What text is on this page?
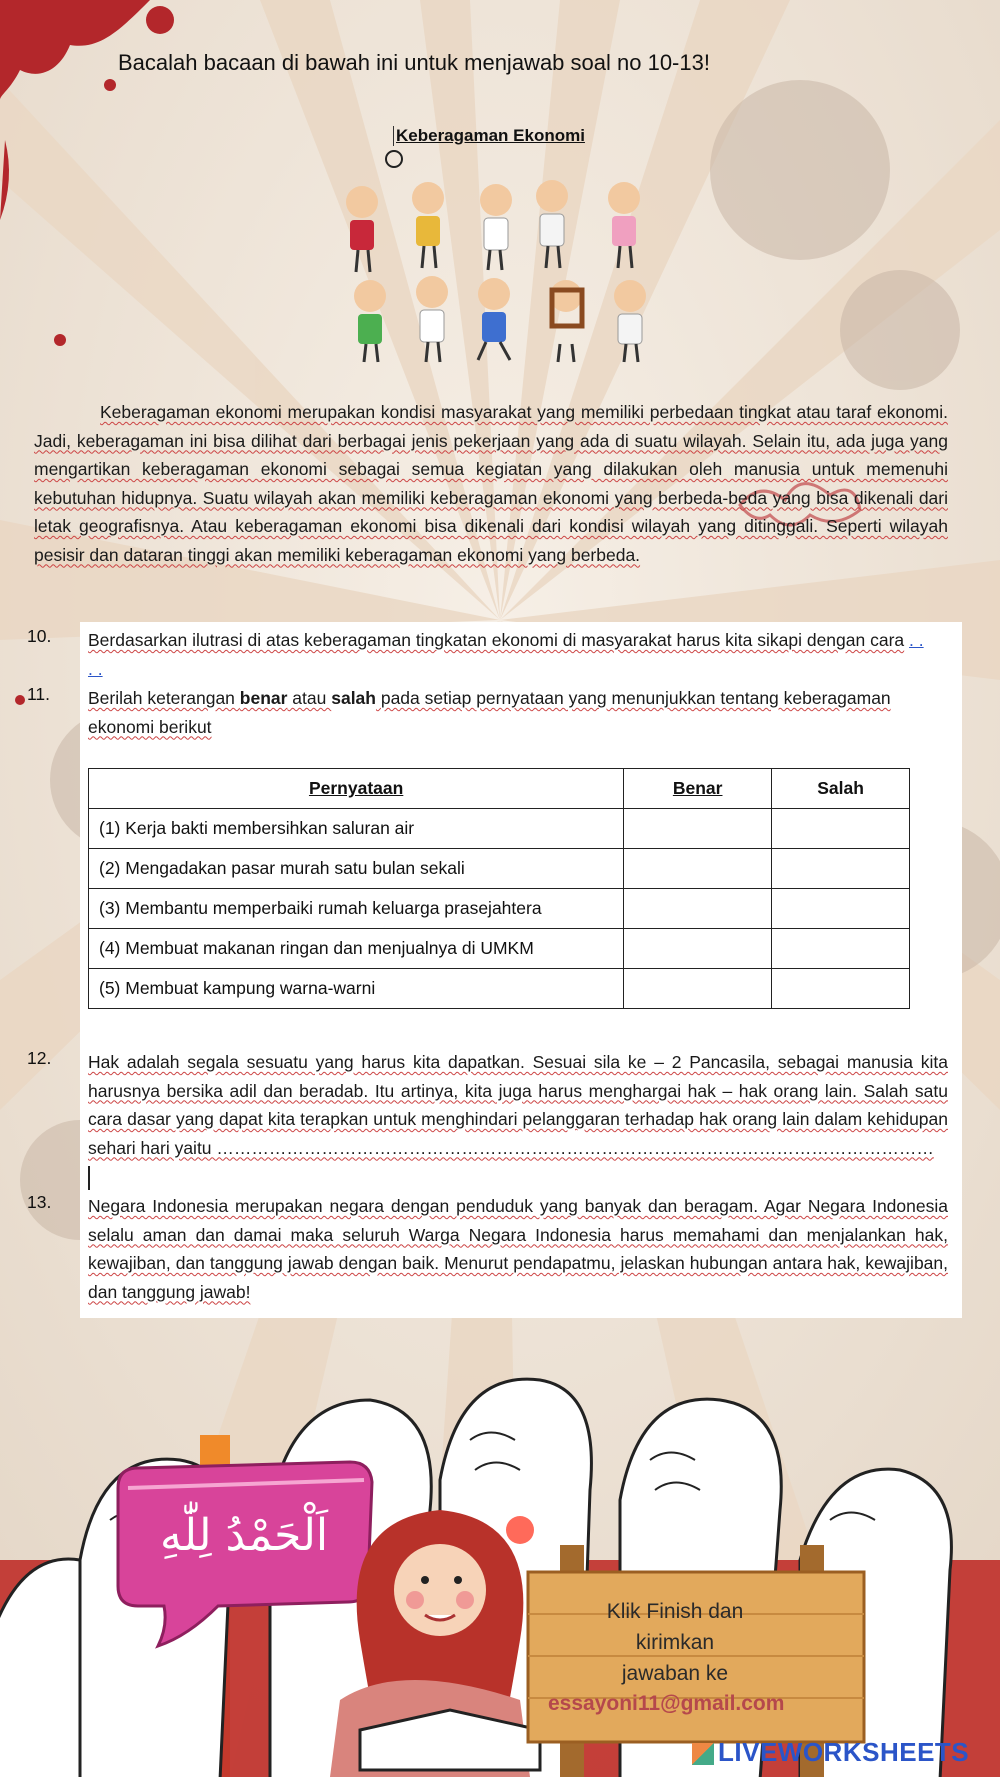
Bacalah bacaan di bawah ini untuk menjawab soal no 10-13!
Keberagaman Ekonomi
Keberagaman ekonomi merupakan kondisi masyarakat yang memiliki perbedaan tingkat atau taraf ekonomi. Jadi, keberagaman ini bisa dilihat dari berbagai jenis pekerjaan yang ada di suatu wilayah. Selain itu, ada juga yang mengartikan keberagaman ekonomi sebagai semua kegiatan yang dilakukan oleh manusia untuk memenuhi kebutuhan hidupnya. Suatu wilayah akan memiliki keberagaman ekonomi yang berbeda-beda yang bisa dikenali dari letak geografisnya. Atau keberagaman ekonomi bisa dikenali dari kondisi wilayah yang ditinggali. Seperti wilayah pesisir dan dataran tinggi akan memiliki keberagaman ekonomi yang berbeda.
10. Berdasarkan ilutrasi di atas keberagaman tingkatan ekonomi di masyarakat harus kita sikapi dengan cara . . . .
11. Berilah keterangan benar atau salah pada setiap pernyataan yang menunjukkan tentang keberagaman ekonomi berikut
Pernyataan	Benar	Salah
(1) Kerja bakti membersihkan saluran air		
(2) Mengadakan pasar murah satu bulan sekali		
(3) Membantu memperbaiki rumah keluarga prasejahtera		
(4) Membuat makanan ringan dan menjualnya di UMKM		
(5) Membuat kampung warna-warni		
12. Hak adalah segala sesuatu yang harus kita dapatkan. Sesuai sila ke – 2 Pancasila, sebagai manusia kita harusnya bersika adil dan beradab. Itu artinya, kita juga harus menghargai hak – hak orang lain. Salah satu cara dasar yang dapat kita terapkan untuk menghindari pelanggaran terhadap hak orang lain dalam kehidupan sehari hari yaitu ……………………………………………………………………………………………………………
13. Negara Indonesia merupakan negara dengan penduduk yang banyak dan beragam. Agar Negara Indonesia selalu aman dan damai maka seluruh Warga Negara Indonesia harus memahami dan menjalankan hak, kewajiban, dan tanggung jawab dengan baik. Menurut pendapatmu, jelaskan hubungan antara hak, kewajiban, dan tanggung jawab!
اَلْحَمْدُ لِلّٰهِ
Klik Finish dan
kirimkan
jawaban ke
essayoni11@gmail.com
LIVEWORKSHEETS
